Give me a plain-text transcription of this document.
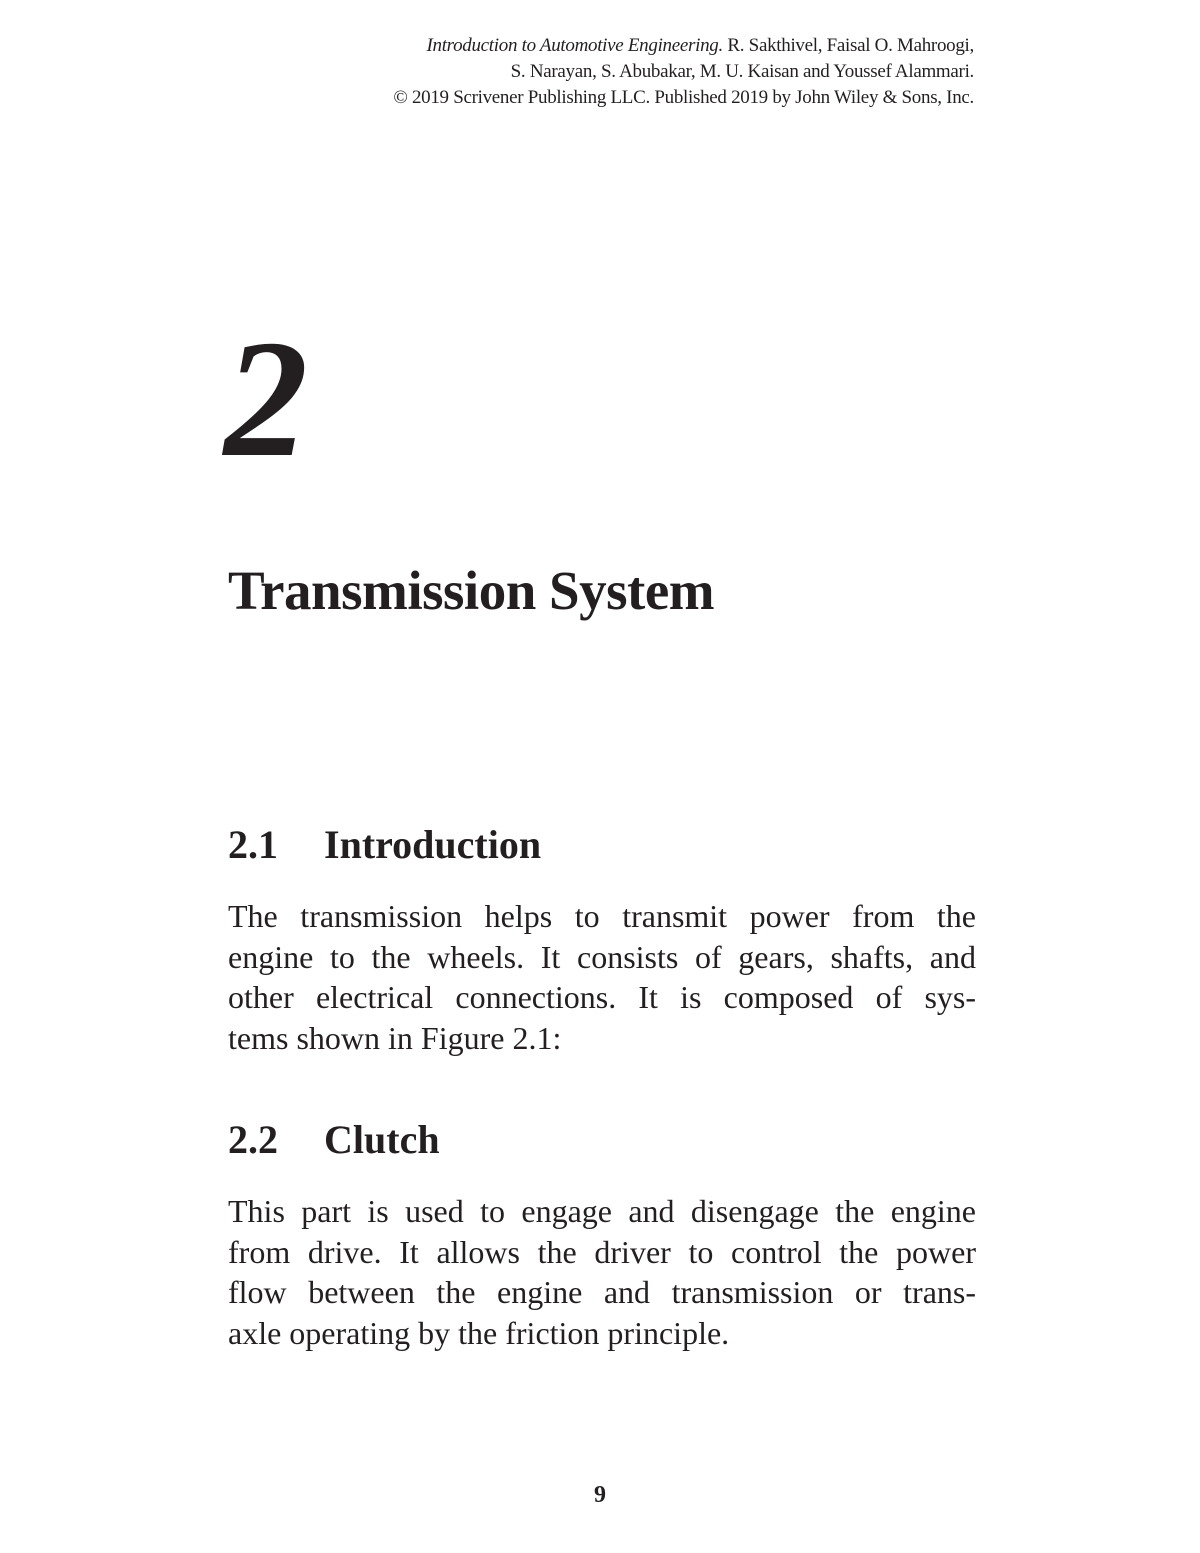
Introduction to Automotive Engineering. R. Sakthivel, Faisal O. Mahroogi,
S. Narayan, S. Abubakar, M. U. Kaisan and Youssef Alammari.
© 2019 Scrivener Publishing LLC. Published 2019 by John Wiley & Sons, Inc.
2
Transmission System
2.1 Introduction
The transmission helps to transmit power from the
engine to the wheels. It consists of gears, shafts, and
other electrical connections. It is composed of sys-
tems shown in Figure 2.1:
2.2 Clutch
This part is used to engage and disengage the engine
from drive. It allows the driver to control the power
flow between the engine and transmission or trans-
axle operating by the friction principle.
9
